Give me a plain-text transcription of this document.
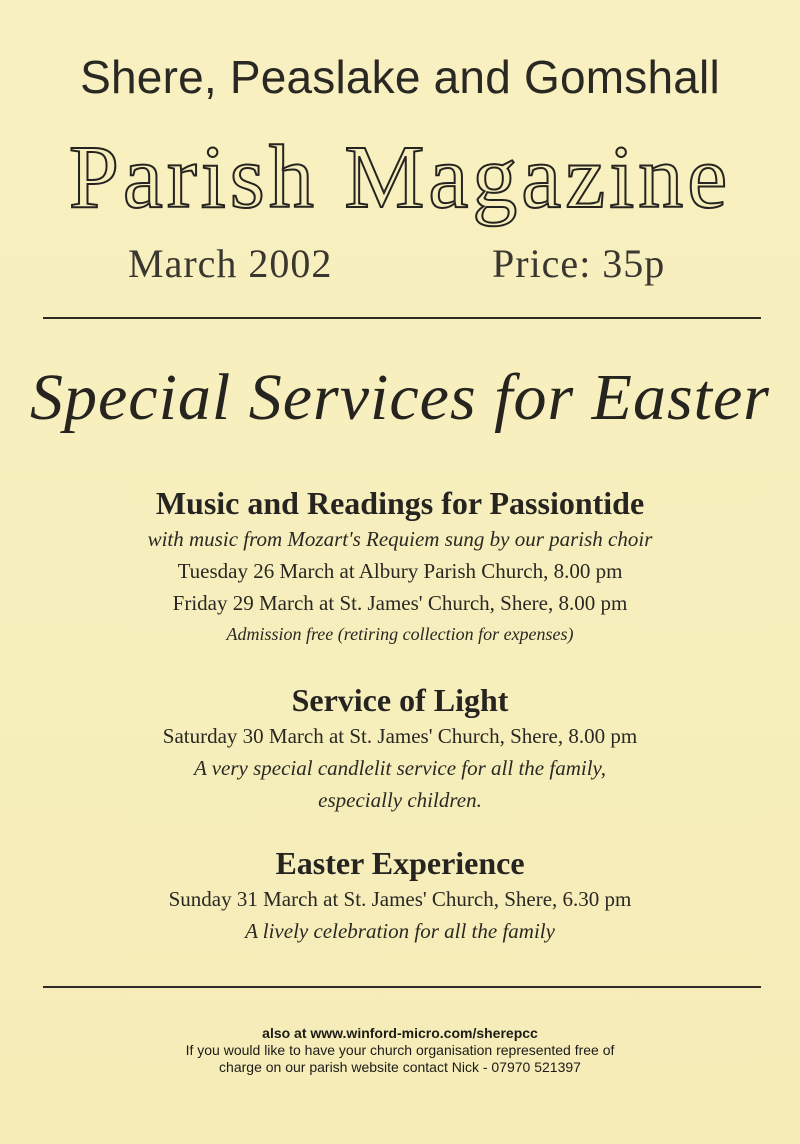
Shere, Peaslake and Gomshall
Parish Magazine
March 2002	Price: 35p
Special Services for Easter
Music and Readings for Passiontide
with music from Mozart's Requiem sung by our parish choir
Tuesday 26 March at Albury Parish Church, 8.00 pm
Friday 29 March at St. James' Church, Shere, 8.00 pm
Admission free (retiring collection for expenses)
Service of Light
Saturday 30 March at St. James' Church, Shere, 8.00 pm
A very special candlelit service for all the family,
especially children.
Easter Experience
Sunday 31 March at St. James' Church, Shere, 6.30 pm
A lively celebration for all the family
also at www.winford-micro.com/sherepcc
If you would like to have your church organisation represented free of
charge on our parish website contact Nick - 07970 521397
